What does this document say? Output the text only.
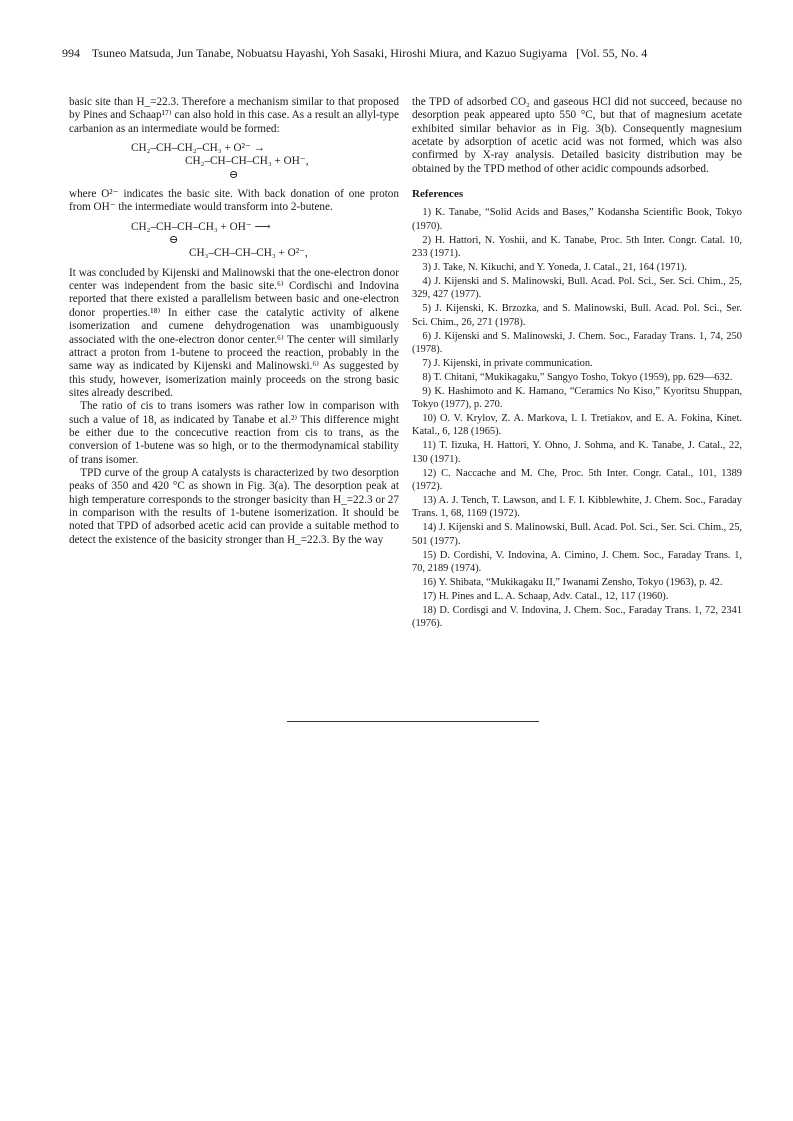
994 Tsuneo Matsuda, Jun Tanabe, Nobuatsu Hayashi, Yoh Sasaki, Hiroshi Miura, and Kazuo Sugiyama [Vol. 55, No. 4

basic site than H_=22.3. Therefore a mechanism similar to that proposed by Pines and Schaap¹⁷⁾ can also hold in this case. As a result an allyl-type carbanion as an intermediate would be formed:

CH₂–CH–CH₂–CH₃ + O²⁻ →

CH₂–CH–CH–CH₃ + OH⁻,

⊖

where O²⁻ indicates the basic site. With back donation of one proton from OH⁻ the intermediate would transform into 2-butene.

CH₂–CH–CH–CH₃ + OH⁻ ⟶

⊖

CH₃–CH–CH–CH₃ + O²⁻,

It was concluded by Kijenski and Malinowski that the one-electron donor center was independent from the basic site.⁶⁾ Cordischi and Indovina reported that there existed a parallelism between basic and one-electron donor properties.¹⁸⁾ In either case the catalytic activity of alkene isomerization and cumene dehydrogenation was unambiguously associated with the one-electron donor center.⁶⁾ The center will similarly attract a proton from 1-butene to proceed the reaction, probably in the same way as indicated by Kijenski and Malinowski.⁶⁾ As suggested by this study, however, isomerization mainly proceeds on the strong basic sites already described.

The ratio of cis to trans isomers was rather low in comparison with such a value of 18, as indicated by Tanabe et al.²⁾ This difference might be either due to the concecutive reaction from cis to trans, as the conversion of 1-butene was so high, or to the thermodynamical stability of trans isomer.

TPD curve of the group A catalysts is characterized by two desorption peaks of 350 and 420 °C as shown in Fig. 3(a). The desorption peak at high temperature corresponds to the stronger basicity than H_=22.3 or 27 in comparison with the results of 1-butene isomerization. It should be noted that TPD of adsorbed acetic acid can provide a suitable method to detect the existence of the basicity stronger than H_=22.3. By the way

the TPD of adsorbed CO₂ and gaseous HCl did not succeed, because no desorption peak appeared upto 550 °C, but that of magnesium acetate exhibited similar behavior as in Fig. 3(b). Consequently magnesium acetate by adsorption of acetic acid was not formed, which was also confirmed by X-ray analysis. Detailed basicity distribution may be obtained by the TPD method of other acidic compounds adsorbed.

References

1) K. Tanabe, “Solid Acids and Bases,” Kodansha Scientific Book, Tokyo (1970).

2) H. Hattori, N. Yoshii, and K. Tanabe, Proc. 5th Inter. Congr. Catal. 10, 233 (1971).

3) J. Take, N. Kikuchi, and Y. Yoneda, J. Catal., 21, 164 (1971).

4) J. Kijenski and S. Malinowski, Bull. Acad. Pol. Sci., Ser. Sci. Chim., 25, 329, 427 (1977).

5) J. Kijenski, K. Brzozka, and S. Malinowski, Bull. Acad. Pol. Sci., Ser. Sci. Chim., 26, 271 (1978).

6) J. Kijenski and S. Malinowski, J. Chem. Soc., Faraday Trans. 1, 74, 250 (1978).

7) J. Kijenski, in private communication.

8) T. Chitani, “Mukikagaku,” Sangyo Tosho, Tokyo (1959), pp. 629—632.

9) K. Hashimoto and K. Hamano, “Ceramics No Kiso,” Kyoritsu Shuppan, Tokyo (1977), p. 270.

10) O. V. Krylov, Z. A. Markova, I. I. Tretiakov, and E. A. Fokina, Kinet. Katal., 6, 128 (1965).

11) T. Iizuka, H. Hattori, Y. Ohno, J. Sohma, and K. Tanabe, J. Catal., 22, 130 (1971).

12) C. Naccache and M. Che, Proc. 5th Inter. Congr. Catal., 101, 1389 (1972).

13) A. J. Tench, T. Lawson, and I. F. I. Kibblewhite, J. Chem. Soc., Faraday Trans. 1, 68, 1169 (1972).

14) J. Kijenski and S. Malinowski, Bull. Acad. Pol. Sci., Ser. Sci. Chim., 25, 501 (1977).

15) D. Cordishi, V. Indovina, A. Cimino, J. Chem. Soc., Faraday Trans. 1, 70, 2189 (1974).

16) Y. Shibata, “Mukikagaku II,” Iwanami Zensho, Tokyo (1963), p. 42.

17) H. Pines and L. A. Schaap, Adv. Catal., 12, 117 (1960).

18) D. Cordisgi and V. Indovina, J. Chem. Soc., Faraday Trans. 1, 72, 2341 (1976).
